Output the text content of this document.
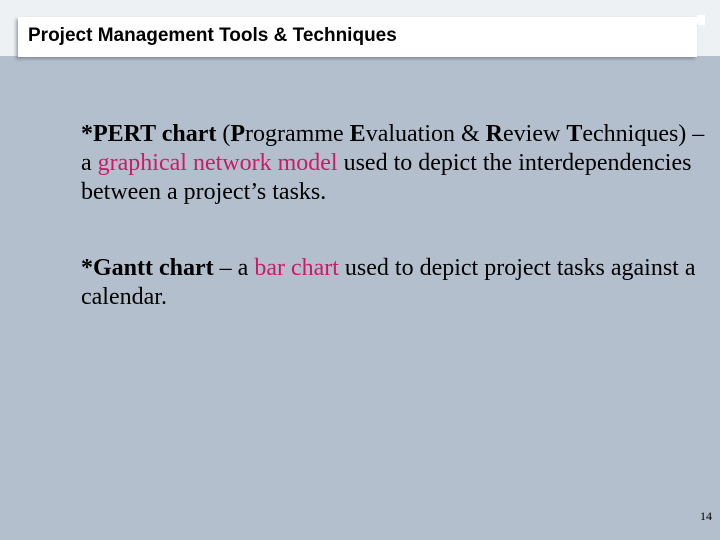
Project Management Tools & Techniques

*PERT chart (Programme Evaluation & Review Techniques) – a graphical network model used to depict the interdependencies between a project’s tasks.

*Gantt chart – a bar chart used to depict project tasks against a calendar.

14
